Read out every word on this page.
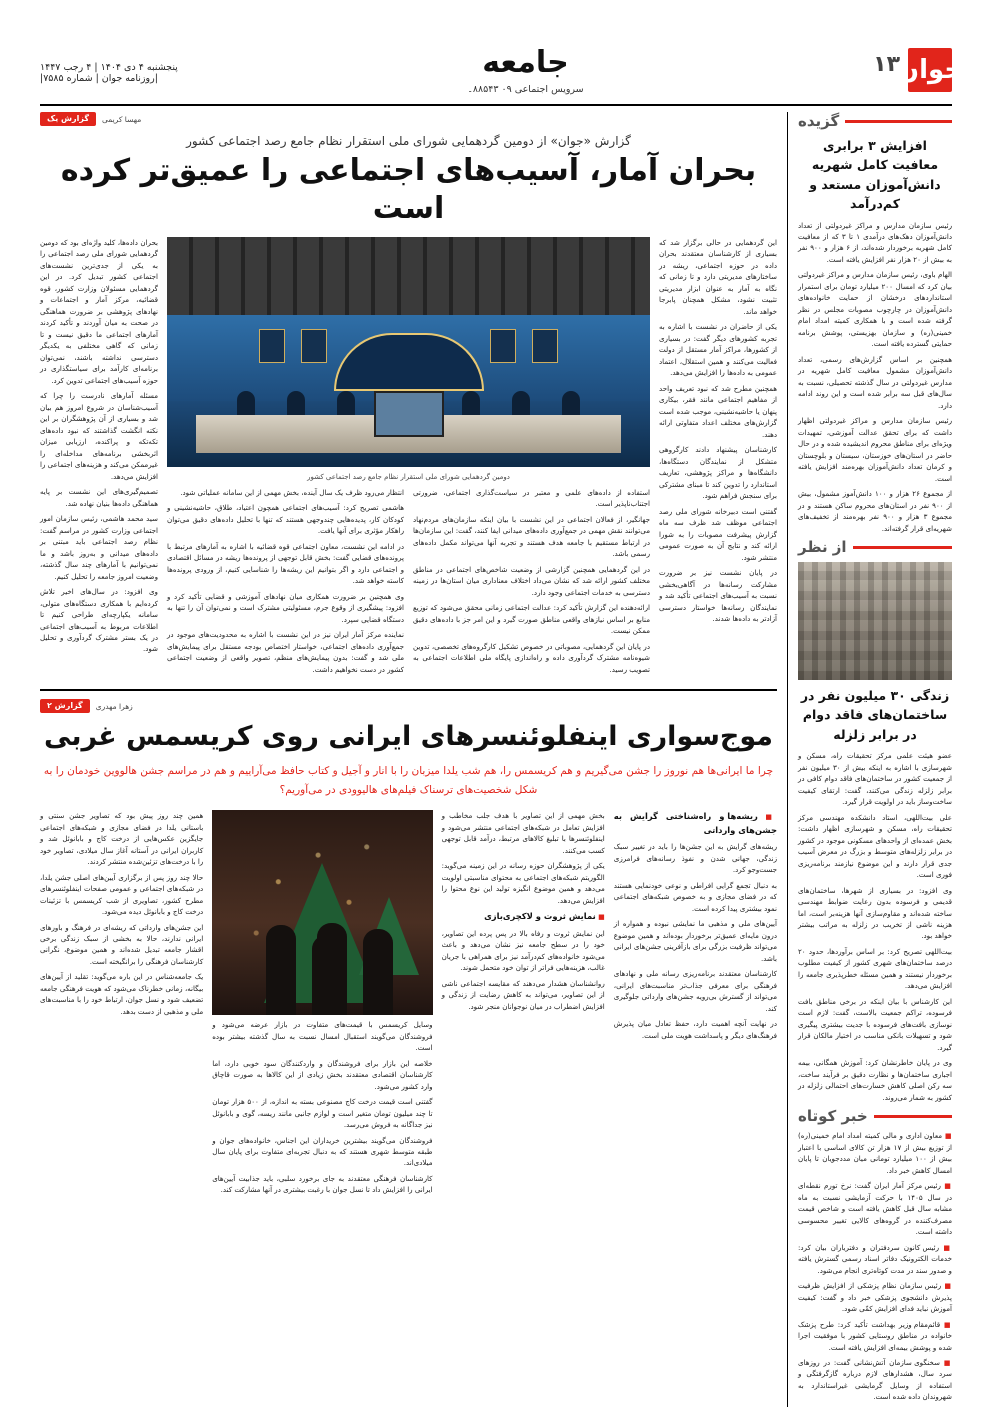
جوان
۱۳
جامعه
سرویس اجتماعی ۰۹ ۸۸۵۴۳۔
پنجشنبه ۴ دی ۱۴۰۴ | ۴ رجب ۱۴۴۷
|روزنامه جوان | شماره ۷۵۸۵|
گزیده
افزایش ۳ برابری معافیت کامل شهریه دانش‌آموزان مستعد و کم‌درآمد

رئیس سازمان مدارس و مراکز غیردولتی از تعداد دانش‌آموزان دهک‌های درآمدی ۱ تا ۳ که از معافیت کامل شهریه برخوردار شده‌اند، از ۶ هزار و ۹۰۰ نفر به بیش از ۲۰ هزار نفر افزایش یافته است.

الهام باوی، رئیس سازمان مدارس و مراکز غیردولتی بیان کرد که امسال ۲۰۰ میلیارد تومان برای استمرار استانداردهای درخشان از حمایت خانواده‌های دانش‌آموزان در چارچوب مصوبات مجلس در نظر گرفته شده است و با همکاری کمیته امداد امام خمینی(ره) و سازمان بهزیستی، پوشش برنامه حمایتی گسترده یافته است.

همچنین بر اساس گزارش‌های رسمی، تعداد دانش‌آموزان مشمول معافیت کامل شهریه در مدارس غیردولتی در سال گذشته تحصیلی، نسبت به سال‌های قبل سه برابر شده است و این روند ادامه دارد.

رئیس سازمان مدارس و مراکز غیردولتی اظهار داشت که برای تحقق عدالت آموزشی، تمهیدات ویژه‌ای برای مناطق محروم اندیشیده شده و در حال حاضر در استان‌های خوزستان، سیستان و بلوچستان و کرمان تعداد دانش‌آموزان بهره‌مند افزایش یافته است.

از مجموع ۲۶ هزار و ۱۰۰ دانش‌آموز مشمول، بیش از ۹۰۰ نفر در استان‌های محروم ساکن هستند و در مجموع ۳ هزار و ۹۰۰ نفر بهره‌مند از تخفیف‌های شهریه‌ای قرار گرفته‌اند.

از نظر
زندگی ۳۰ میلیون نفر در ساختمان‌های فاقد دوام در برابر زلزله

عضو هیئت علمی مرکز تحقیقات راه، مسکن و شهرسازی با اشاره به اینکه بیش از ۳۰ میلیون نفر از جمعیت کشور در ساختمان‌های فاقد دوام کافی در برابر زلزله زندگی می‌کنند، گفت: ارتقای کیفیت ساخت‌وساز باید در اولویت قرار گیرد.

علی بیت‌اللهی، استاد دانشکده مهندسی مرکز تحقیقات راه، مسکن و شهرسازی اظهار داشت: بخش عمده‌ای از واحدهای مسکونی موجود در کشور در برابر زلزله‌های متوسط و بزرگ در معرض آسیب جدی قرار دارند و این موضوع نیازمند برنامه‌ریزی فوری است.

وی افزود: در بسیاری از شهرها، ساختمان‌های قدیمی و فرسوده بدون رعایت ضوابط مهندسی ساخته شده‌اند و مقاوم‌سازی آنها هزینه‌بر است، اما هزینه ناشی از تخریب در زلزله به مراتب بیشتر خواهد بود.

بیت‌اللهی تصریح کرد: بر اساس برآوردها، حدود ۲۰ درصد ساختمان‌های شهری کشور از کیفیت مطلوب برخوردار نیستند و همین مسئله خطرپذیری جامعه را افزایش می‌دهد.

این کارشناس با بیان اینکه در برخی مناطق بافت فرسوده، تراکم جمعیت بالاست، گفت: لازم است نوسازی بافت‌های فرسوده با جدیت بیشتری پیگیری شود و تسهیلات بانکی مناسب در اختیار مالکان قرار گیرد.

وی در پایان خاطرنشان کرد: آموزش همگانی، بیمه اجباری ساختمان‌ها و نظارت دقیق بر فرآیند ساخت، سه رکن اصلی کاهش خسارت‌های احتمالی زلزله در کشور به شمار می‌روند.

خبر کوتاه

■ معاون اداری و مالی کمیته امداد امام خمینی(ره) از توزیع بیش از ۱۷ هزار تن کالای اساسی با اعتبار بیش از ۱۰۰ میلیارد تومانی میان مددجویان تا پایان امسال کاهش خبر داد.

■ رئیس مرکز آمار ایران گفت: نرخ تورم نقطه‌ای در سال ۱۴۰۵ با حرکت آزمایشی نسبت به ماه مشابه سال قبل کاهش یافته است و شاخص قیمت مصرف‌کننده در گروه‌های کالایی تغییر محسوسی داشته است.

■ رئیس کانون سردفتران و دفتریاران بیان کرد: خدمات الکترونیک دفاتر اسناد رسمی گسترش یافته و صدور سند در مدت کوتاه‌تری انجام می‌شود.

■ رئیس سازمان نظام پزشکی از افزایش ظرفیت پذیرش دانشجوی پزشکی خبر داد و گفت: کیفیت آموزش نباید فدای افزایش کمّی شود.

■ قائم‌مقام وزیر بهداشت تأکید کرد: طرح پزشک خانواده در مناطق روستایی کشور با موفقیت اجرا شده و پوشش بیمه‌ای افزایش یافته است.

■ سخنگوی سازمان آتش‌نشانی گفت: در روزهای سرد سال، هشدارهای لازم درباره گازگرفتگی و استفاده از وسایل گرمایشی غیراستاندارد به شهروندان داده شده است.

مهسا کریمی
گزارش یک
گزارش «جوان» از دومین گردهمایی شورای ملی استقرار نظام جامع رصد اجتماعی کشور
بحران آمار، آسیب‌های اجتماعی را عمیق‌تر کرده است

این گردهمایی در حالی برگزار شد که بسیاری از کارشناسان معتقدند بحران داده در حوزه اجتماعی، ریشه در ساختارهای مدیریتی دارد و تا زمانی که نگاه به آمار به عنوان ابزار مدیریتی تثبیت نشود، مشکل همچنان پابرجا خواهد ماند.

یکی از حاضران در نشست با اشاره به تجربه کشورهای دیگر گفت: در بسیاری از کشورها، مراکز آمار مستقل از دولت فعالیت می‌کنند و همین استقلال، اعتماد عمومی به داده‌ها را افزایش می‌دهد.

همچنین مطرح شد که نبود تعریف واحد از مفاهیم اجتماعی مانند فقر، بیکاری پنهان یا حاشیه‌نشینی، موجب شده است گزارش‌های مختلف اعداد متفاوتی ارائه دهند.

کارشناسان پیشنهاد دادند کارگروهی متشکل از نمایندگان دستگاه‌ها، دانشگاه‌ها و مراکز پژوهشی، تعاریف استاندارد را تدوین کند تا مبنای مشترکی برای سنجش فراهم شود.

گفتنی است دبیرخانه شورای ملی رصد اجتماعی موظف شد ظرف سه ماه گزارش پیشرفت مصوبات را به شورا ارائه کند و نتایج آن به صورت عمومی منتشر شود.

در پایان نشست نیز بر ضرورت مشارکت رسانه‌ها در آگاهی‌بخشی نسبت به آسیب‌های اجتماعی تأکید شد و نمایندگان رسانه‌ها خواستار دسترسی آزادتر به داده‌ها شدند.

دومین گردهمایی شورای ملی استقرار نظام جامع رصد اجتماعی کشور

استفاده از داده‌های علمی و معتبر در سیاست‌گذاری اجتماعی، ضرورتی اجتناب‌ناپذیر است.

جهانگیر، از فعالان اجتماعی در این نشست با بیان اینکه سازمان‌های مردم‌نهاد می‌توانند نقش مهمی در جمع‌آوری داده‌های میدانی ایفا کنند، گفت: این سازمان‌ها در ارتباط مستقیم با جامعه هدف هستند و تجربه آنها می‌تواند مکمل داده‌های رسمی باشد.

در این گردهمایی همچنین گزارشی از وضعیت شاخص‌های اجتماعی در مناطق مختلف کشور ارائه شد که نشان می‌داد اختلاف معناداری میان استان‌ها در زمینه دسترسی به خدمات اجتماعی وجود دارد.

ارائه‌دهنده این گزارش تأکید کرد: عدالت اجتماعی زمانی محقق می‌شود که توزیع منابع بر اساس نیازهای واقعی مناطق صورت گیرد و این امر جز با داده‌های دقیق ممکن نیست.

در پایان این گردهمایی، مصوباتی در خصوص تشکیل کارگروه‌های تخصصی، تدوین شیوه‌نامه مشترک گردآوری داده و راه‌اندازی پایگاه ملی اطلاعات اجتماعی به تصویب رسید.

انتظار می‌رود ظرف یک سال آینده، بخش مهمی از این سامانه عملیاتی شود.

هاشمی تصریح کرد: آسیب‌های اجتماعی همچون اعتیاد، طلاق، حاشیه‌نشینی و کودکان کار، پدیده‌هایی چندوجهی هستند که تنها با تحلیل داده‌های دقیق می‌توان راهکار مؤثری برای آنها یافت.

در ادامه این نشست، معاون اجتماعی قوه قضائیه با اشاره به آمارهای مرتبط با پرونده‌های قضایی گفت: بخش قابل توجهی از پرونده‌ها ریشه در مسائل اقتصادی و اجتماعی دارد و اگر بتوانیم این ریشه‌ها را شناسایی کنیم، از ورودی پرونده‌ها کاسته خواهد شد.

وی همچنین بر ضرورت همکاری میان نهادهای آموزشی و قضایی تأکید کرد و افزود: پیشگیری از وقوع جرم، مسئولیتی مشترک است و نمی‌توان آن را تنها به دستگاه قضایی سپرد.

نماینده مرکز آمار ایران نیز در این نشست با اشاره به محدودیت‌های موجود در جمع‌آوری داده‌های اجتماعی، خواستار اختصاص بودجه مستقل برای پیمایش‌های ملی شد و گفت: بدون پیمایش‌های منظم، تصویر واقعی از وضعیت اجتماعی کشور در دست نخواهیم داشت.

بحران داده‌ها، کلید واژه‌ای بود که دومین گردهمایی شورای ملی رصد اجتماعی را به یکی از جدی‌ترین نشست‌های اجتماعی کشور تبدیل کرد. در این گردهمایی مسئولان وزارت کشور، قوه قضائیه، مرکز آمار و اجتماعات و نهادهای پژوهشی بر ضرورت هماهنگی در صحت به میان آوردند و تأکید کردند آمارهای اجتماعی ما دقیق نیست و تا زمانی که گاهی مختلفی به یکدیگر دسترسی نداشته باشند، نمی‌توان برنامه‌ای کارآمد برای سیاستگذاری در حوزه آسیب‌های اجتماعی تدوین کرد.

مسئله آمار‌های نادرست را چرا که آسیب‌شناسان در شروع امروز هم بیان شد و بسیاری از آن پژوهشگران بر این نکته انگشت گذاشتند که نبود داده‌های تکه‌تکه و پراکنده، ارزیابی میزان اثربخشی برنامه‌های مداخله‌ای را غیرممکن می‌کند و هزینه‌های اجتماعی را افزایش می‌دهد.

تصمیم‌گیری‌های این نشست بر پایه هماهنگی داده‌ها بنیان نهاده شد.

سید محمد هاشمی، رئیس سازمان امور اجتماعی وزارت کشور در مراسم گفت: نظام رصد اجتماعی باید مبتنی بر داده‌های میدانی و به‌روز باشد و ما نمی‌توانیم با آمارهای چند سال گذشته، وضعیت امروز جامعه را تحلیل کنیم.

وی افزود: در سال‌های اخیر تلاش کرده‌ایم با همکاری دستگاه‌های متولی، سامانه یکپارچه‌ای طراحی کنیم تا اطلاعات مربوط به آسیب‌های اجتماعی در یک بستر مشترک گردآوری و تحلیل شود.

زهرا مهدری
گزارش ۲
موج‌سواری اینفلوئنسرهای ایرانی روی کریسمس غربی
چرا ما ایرانی‌ها هم نوروز را جشن می‌گیریم و هم کریسمس را، هم شب یلدا میزبان را با انار و آجیل و کتاب حافظ می‌آراییم و هم در مراسم جشن هالووین خودمان را به شکل شخصیت‌های ترسناک فیلم‌های هالیوودی در می‌آوریم؟

■ ریشه‌ها و راه‌شناختی گرایش به جشن‌های وارداتی

ریشه‌های گرایش به این جشن‌ها را باید در تغییر سبک زندگی، جهانی شدن و نفوذ رسانه‌های فرامرزی جست‌وجو کرد.

به دنبال تجمع گرایی افراطی و نوعی خودنمایی هستند که در فضای مجازی و به خصوص شبکه‌های اجتماعی نمود بیشتری پیدا کرده است.

آیین‌های ملی و مذهبی ما نمایشی نبوده و همواره از درون مایه‌ای عمیق‌تر برخوردار بوده‌اند و همین موضوع می‌تواند ظرفیت بزرگی برای بازآفرینی جشن‌های ایرانی باشد.

کارشناسان معتقدند برنامه‌ریزی رسانه ملی و نهادهای فرهنگی برای معرفی جذاب‌تر مناسبت‌های ایرانی، می‌تواند از گسترش بی‌رویه جشن‌های وارداتی جلوگیری کند.

در نهایت آنچه اهمیت دارد، حفظ تعادل میان پذیرش فرهنگ‌های دیگر و پاسداشت هویت ملی است.

بخش مهمی از این تصاویر با هدف جلب مخاطب و افزایش تعامل در شبکه‌های اجتماعی منتشر می‌شود و اینفلوئنسرها با تبلیغ کالاهای مرتبط، درآمد قابل توجهی کسب می‌کنند.

یکی از پژوهشگران حوزه رسانه در این زمینه می‌گوید: الگوریتم شبکه‌های اجتماعی به محتوای مناسبتی اولویت می‌دهد و همین موضوع انگیزه تولید این نوع محتوا را افزایش می‌دهد.

■ نمایش ثروت و لاکچری‌بازی

این نمایش ثروت و رفاه بالا در پس پرده این تصاویر، خود را در سطح جامعه نیز نشان می‌دهد و باعث می‌شود خانواده‌های کم‌درآمد نیز برای همراهی با جریان غالب، هزینه‌هایی فراتر از توان خود متحمل شوند.

روانشناسان هشدار می‌دهند که مقایسه اجتماعی ناشی از این تصاویر، می‌تواند به کاهش رضایت از زندگی و افزایش اضطراب در میان نوجوانان منجر شود.

وسایل کریسمس با قیمت‌های متفاوت در بازار عرضه می‌شود و فروشندگان می‌گویند استقبال امسال نسبت به سال گذشته بیشتر بوده است.

خلاصه این بازار برای فروشندگان و واردکنندگان سود خوبی دارد، اما کارشناسان اقتصادی معتقدند بخش زیادی از این کالاها به صورت قاچاق وارد کشور می‌شود.

گفتنی است قیمت درخت کاج مصنوعی بسته به اندازه، از ۵۰۰ هزار تومان تا چند میلیون تومان متغیر است و لوازم جانبی مانند ریسه، گوی و بابانوئل نیز جداگانه به فروش می‌رسد.

فروشندگان می‌گویند بیشترین خریداران این اجناس، خانواده‌های جوان و طبقه متوسط شهری هستند که به دنبال تجربه‌ای متفاوت برای پایان سال میلادی‌اند.

کارشناسان فرهنگی معتقدند به جای برخورد سلبی، باید جذابیت آیین‌های ایرانی را افزایش داد تا نسل جوان با رغبت بیشتری در آنها مشارکت کند.

همین چند روز پیش بود که تصاویر جشن سنتی و باستانی یلدا در فضای مجازی و شبکه‌های اجتماعی جایگزین عکس‌هایی از درخت کاج و بابانوئل شد و کاربران ایرانی در آستانه آغاز سال میلادی، تصاویر خود را با درخت‌های تزئین‌شده منتشر کردند.

حالا چند روز پس از برگزاری آیین‌های اصلی جشن یلدا، در شبکه‌های اجتماعی و عمومی صفحات اینفلوئنسرهای مطرح کشور، تصاویری از شب کریسمس با تزئینات درخت کاج و بابانوئل دیده می‌شود.

این جشن‌های وارداتی که ریشه‌ای در فرهنگ و باورهای ایرانی ندارند، حالا به بخشی از سبک زندگی برخی اقشار جامعه تبدیل شده‌اند و همین موضوع، نگرانی کارشناسان فرهنگی را برانگیخته است.

یک جامعه‌شناس در این باره می‌گوید: تقلید از آیین‌های بیگانه، زمانی خطرناک می‌شود که هویت فرهنگی جامعه تضعیف شود و نسل جوان، ارتباط خود را با مناسبت‌های ملی و مذهبی از دست بدهد.
